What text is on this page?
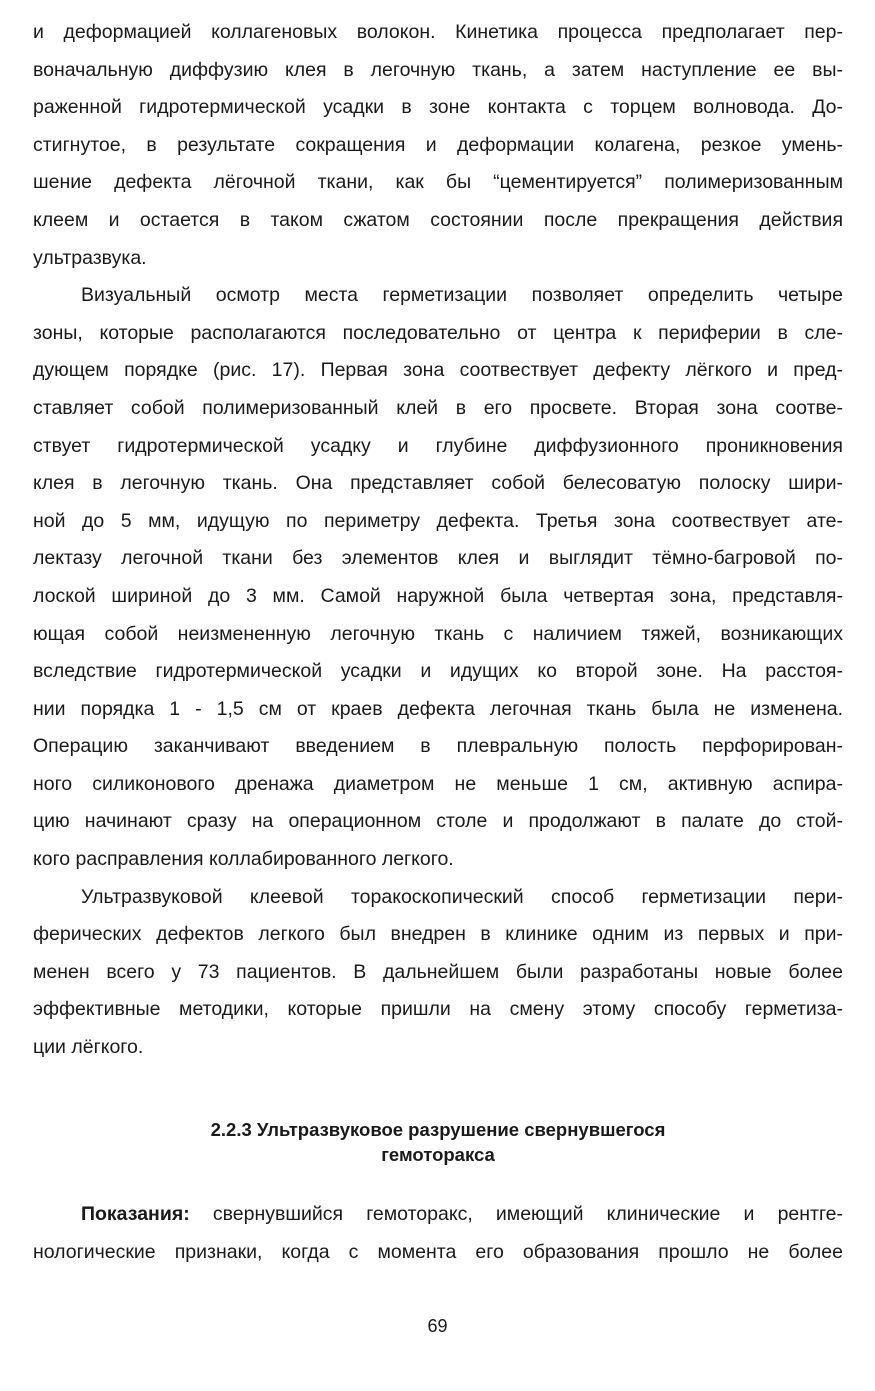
и деформацией коллагеновых волокон. Кинетика процесса предполагает пер-
воначальную диффузию клея в легочную ткань, а затем наступление ее вы-
раженной гидротермической усадки в зоне контакта с торцем волновода. До-
стигнутое, в результате сокращения и деформации колагена, резкое умень-
шение дефекта лёгочной ткани, как бы “цементируется” полимеризованным
клеем и остается в таком сжатом состоянии после прекращения действия
ультразвука.

Визуальный осмотр места герметизации позволяет определить четыре
зоны, которые располагаются последовательно от центра к периферии в сле-
дующем порядке (рис. 17). Первая зона соотвествует дефекту лёгкого и пред-
ставляет собой полимеризованный клей в его просвете. Вторая зона соотве-
ствует гидротермической усадку и глубине диффузионного проникновения
клея в легочную ткань. Она представляет собой белесоватую полоску шири-
ной до 5 мм, идущую по периметру дефекта. Третья зона соотвествует ате-
лектазу легочной ткани без элементов клея и выглядит тёмно-багровой по-
лоской шириной до 3 мм. Самой наружной была четвертая зона, представля-
ющая собой неизмененную легочную ткань с наличием тяжей, возникающих
вследствие гидротермической усадки и идущих ко второй зоне. На расстоя-
нии порядка 1 - 1,5 см от краев дефекта легочная ткань была не изменена.
Операцию заканчивают введением в плевральную полость перфорирован-
ного силиконового дренажа диаметром не меньше 1 см, активную аспира-
цию начинают сразу на операционном столе и продолжают в палате до стой-
кого расправления коллабированного легкого.

Ультразвуковой клеевой торакоскопический способ герметизации пери-
ферических дефектов легкого был внедрен в клинике одним из первых и при-
менен всего у 73 пациентов. В дальнейшем были разработаны новые более
эффективные методики, которые пришли на смену этому способу герметиза-
ции лёгкого.

2.2.3 Ультразвуковое разрушение свернувшегося
гемоторакса

Показания: свернувшийся гемоторакс, имеющий клинические и рентге-
нологические признаки, когда с момента его образования прошло не более

69
